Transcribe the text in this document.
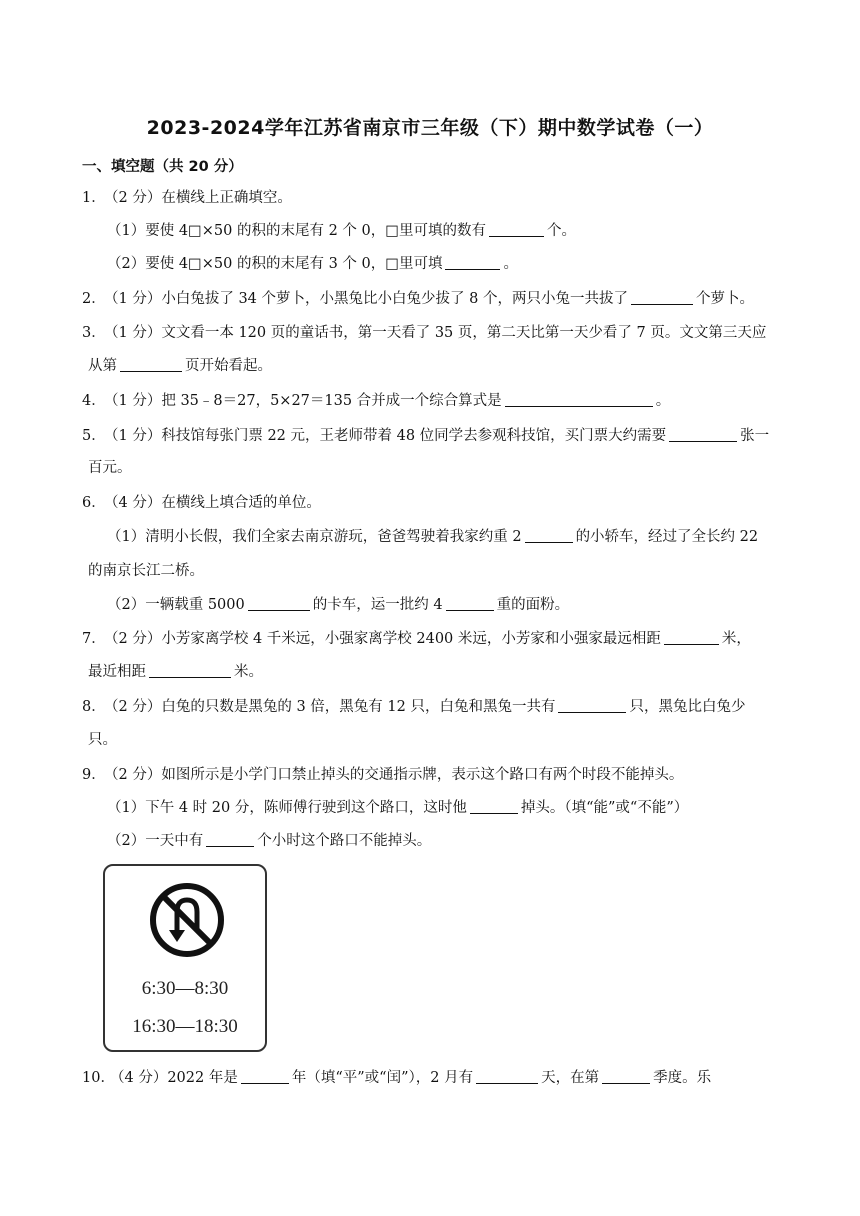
2023-2024学年江苏省南京市三年级（下）期中数学试卷（一）
一、填空题（共 20 分）
1．（2 分）在横线上正确填空。
（1）要使 4□×50 的积的末尾有 2 个 0，□里可填的数有	个。
（2）要使 4□×50 的积的末尾有 3 个 0，□里可填	。
2．（1 分）小白兔拔了 34 个萝卜，小黑兔比小白兔少拔了 8 个，两只小兔一共拔了	个萝卜。
3．（1 分）文文看一本 120 页的童话书，第一天看了 35 页，第二天比第一天少看了 7 页。文文第三天应
从第	页开始看起。
4．（1 分）把 35﹣8＝27，5×27＝135 合并成一个综合算式是	。
5．（1 分）科技馆每张门票 22 元，王老师带着 48 位同学去参观科技馆，买门票大约需要	张一
百元。
6．（4 分）在横线上填合适的单位。
（1）清明小长假，我们全家去南京游玩，爸爸驾驶着我家约重 2	的小轿车，经过了全长约 22
的南京长江二桥。
（2）一辆载重 5000	的卡车，运一批约 4	重的面粉。
7．（2 分）小芳家离学校 4 千米远，小强家离学校 2400 米远，小芳家和小强家最远相距	米，
最近相距	米。
8．（2 分）白兔的只数是黑兔的 3 倍，黑兔有 12 只，白兔和黑兔一共有	只，黑兔比白兔少
只。
9．（2 分）如图所示是小学门口禁止掉头的交通指示牌，表示这个路口有两个时段不能掉头。
（1）下午 4 时 20 分，陈师傅行驶到这个路口，这时他	掉头。（填“能”或“不能”）
（2）一天中有	个小时这个路口不能掉头。
6:30—8:30
16:30—18:30
10．（4 分）2022 年是	年（填“平”或“闰”），2 月有	天，在第	季度。乐
